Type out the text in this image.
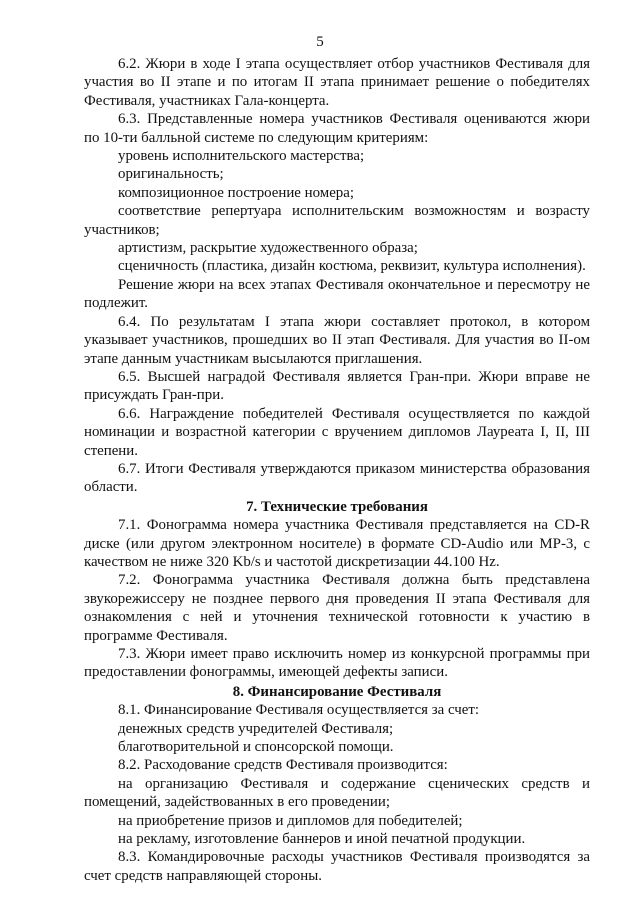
5

6.2. Жюри в ходе I этапа осуществляет отбор участников Фестиваля для участия во II этапе и по итогам II этапа принимает решение о победителях Фестиваля, участниках Гала-концерта.

6.3. Представленные номера участников Фестиваля оцениваются жюри по 10-ти балльной системе по следующим критериям:

уровень исполнительского мастерства;

оригинальность;

композиционное построение номера;

соответствие репертуара исполнительским возможностям и возрасту участников;

артистизм, раскрытие художественного образа;

сценичность (пластика, дизайн костюма, реквизит, культура исполнения).

Решение жюри на всех этапах Фестиваля окончательное и пересмотру не подлежит.

6.4. По результатам I этапа жюри составляет протокол, в котором указывает участников, прошедших во II этап Фестиваля. Для участия во II-ом этапе данным участникам высылаются приглашения.

6.5. Высшей наградой Фестиваля является Гран-при. Жюри вправе не присуждать Гран-при.

6.6. Награждение победителей Фестиваля осуществляется по каждой номинации и возрастной категории с вручением дипломов Лауреата I, II, III степени.

6.7. Итоги Фестиваля утверждаются приказом министерства образования области.

7. Технические требования

7.1. Фонограмма номера участника Фестиваля представляется на CD-R диске (или другом электронном носителе) в формате CD-Audio или MP-3, с качеством не ниже 320 Kb/s и частотой дискретизации 44.100 Hz.

7.2. Фонограмма участника Фестиваля должна быть представлена звукорежиссеру не позднее первого дня проведения II этапа Фестиваля для ознакомления с ней и уточнения технической готовности к участию в программе Фестиваля.

7.3. Жюри имеет право исключить номер из конкурсной программы при предоставлении фонограммы, имеющей дефекты записи.

8. Финансирование Фестиваля

8.1. Финансирование Фестиваля осуществляется за счет:

денежных средств учредителей Фестиваля;

благотворительной и спонсорской помощи.

8.2. Расходование средств Фестиваля производится:

на организацию Фестиваля и содержание сценических средств и помещений, задействованных в его проведении;

на приобретение призов и дипломов для победителей;

на рекламу, изготовление баннеров и иной печатной продукции.

8.3. Командировочные расходы участников Фестиваля производятся за счет средств направляющей стороны.
